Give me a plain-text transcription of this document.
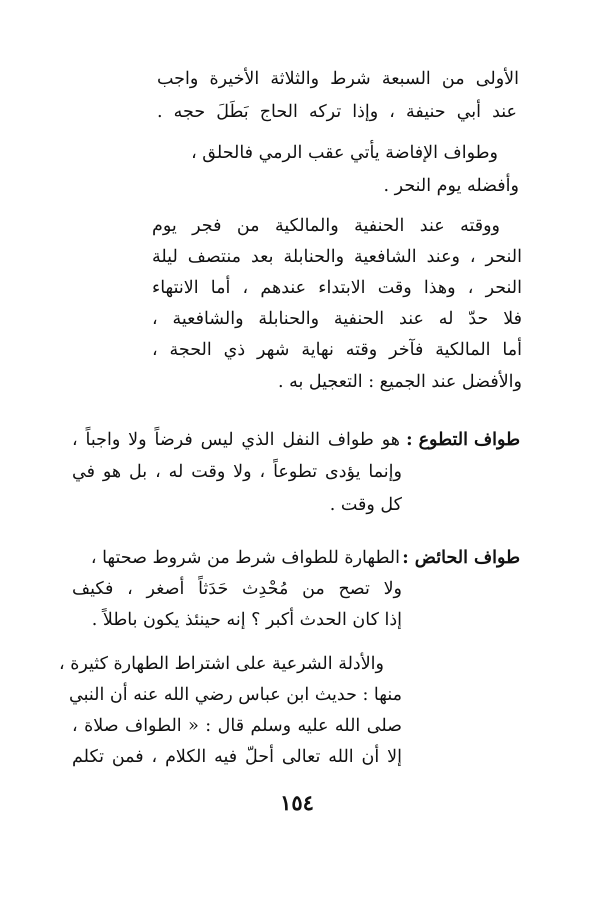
الأولى من السبعة شرط والثلاثة الأخيرة واجب
عند أبي حنيفة ، وإذا تركه الحاج بَطَلَ حجه .
وطواف الإفاضة يأتي عقب الرمي فالحلق ،
وأفضله يوم النحر .
ووقته عند الحنفية والمالكية من فجر يوم
النحر ، وعند الشافعية والحنابلة بعد منتصف ليلة
النحر ، وهذا وقت الابتداء عندهم ، أما الانتهاء
فلا حدّ له عند الحنفية والحنابلة والشافعية ،
أما المالكية فآخر وقته نهاية شهر ذي الحجة ،
والأفضل عند الجميع : التعجيل به .
طواف التطوع :
هو طواف النفل الذي ليس فرضاً ولا واجباً ،
وإنما يؤدى تطوعاً ، ولا وقت له ، بل هو في
كل وقت .
طواف الحائض :
الطهارة للطواف شرط من شروط صحتها ،
ولا تصح من مُحْدِث حَدَثاً أصغر ، فكيف
إذا كان الحدث أكبر ؟ إنه حينئذ يكون باطلاً .
والأدلة الشرعية على اشتراط الطهارة كثيرة ،
منها : حديث ابن عباس رضي الله عنه أن النبي
صلى الله عليه وسلم قال : « الطواف صلاة ،
إلا أن الله تعالى أحلّ فيه الكلام ، فمن تكلم
١٥٤
